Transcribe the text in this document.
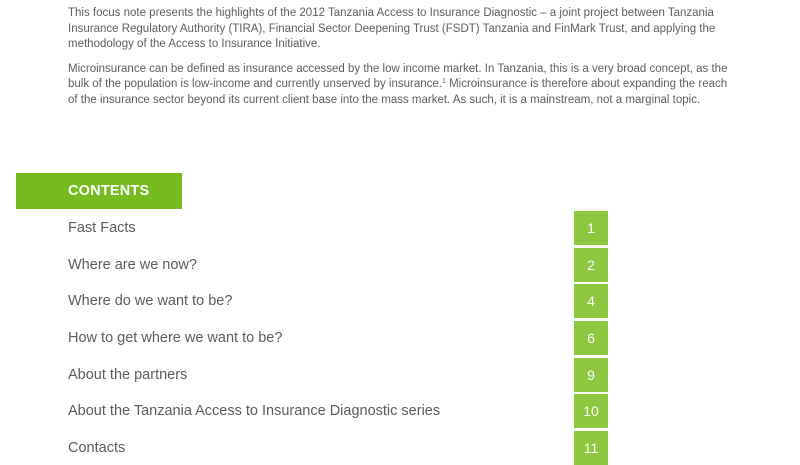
This focus note presents the highlights of the 2012 Tanzania Access to Insurance Diagnostic – a joint project between Tanzania Insurance Regulatory Authority (TIRA), Financial Sector Deepening Trust (FSDT) Tanzania and FinMark Trust, and applying the methodology of the Access to Insurance Initiative.

Microinsurance can be defined as insurance accessed by the low income market. In Tanzania, this is a very broad concept, as the bulk of the population is low-income and currently unserved by insurance.$^1$ Microinsurance is therefore about expanding the reach of the insurance sector beyond its current client base into the mass market. As such, it is a mainstream, not a marginal topic.

CONTENTS
Fast Facts	1
Where are we now?	2
Where do we want to be?	4
How to get where we want to be?	6
About the partners	9
About the Tanzania Access to Insurance Diagnostic series	10
Contacts	11
